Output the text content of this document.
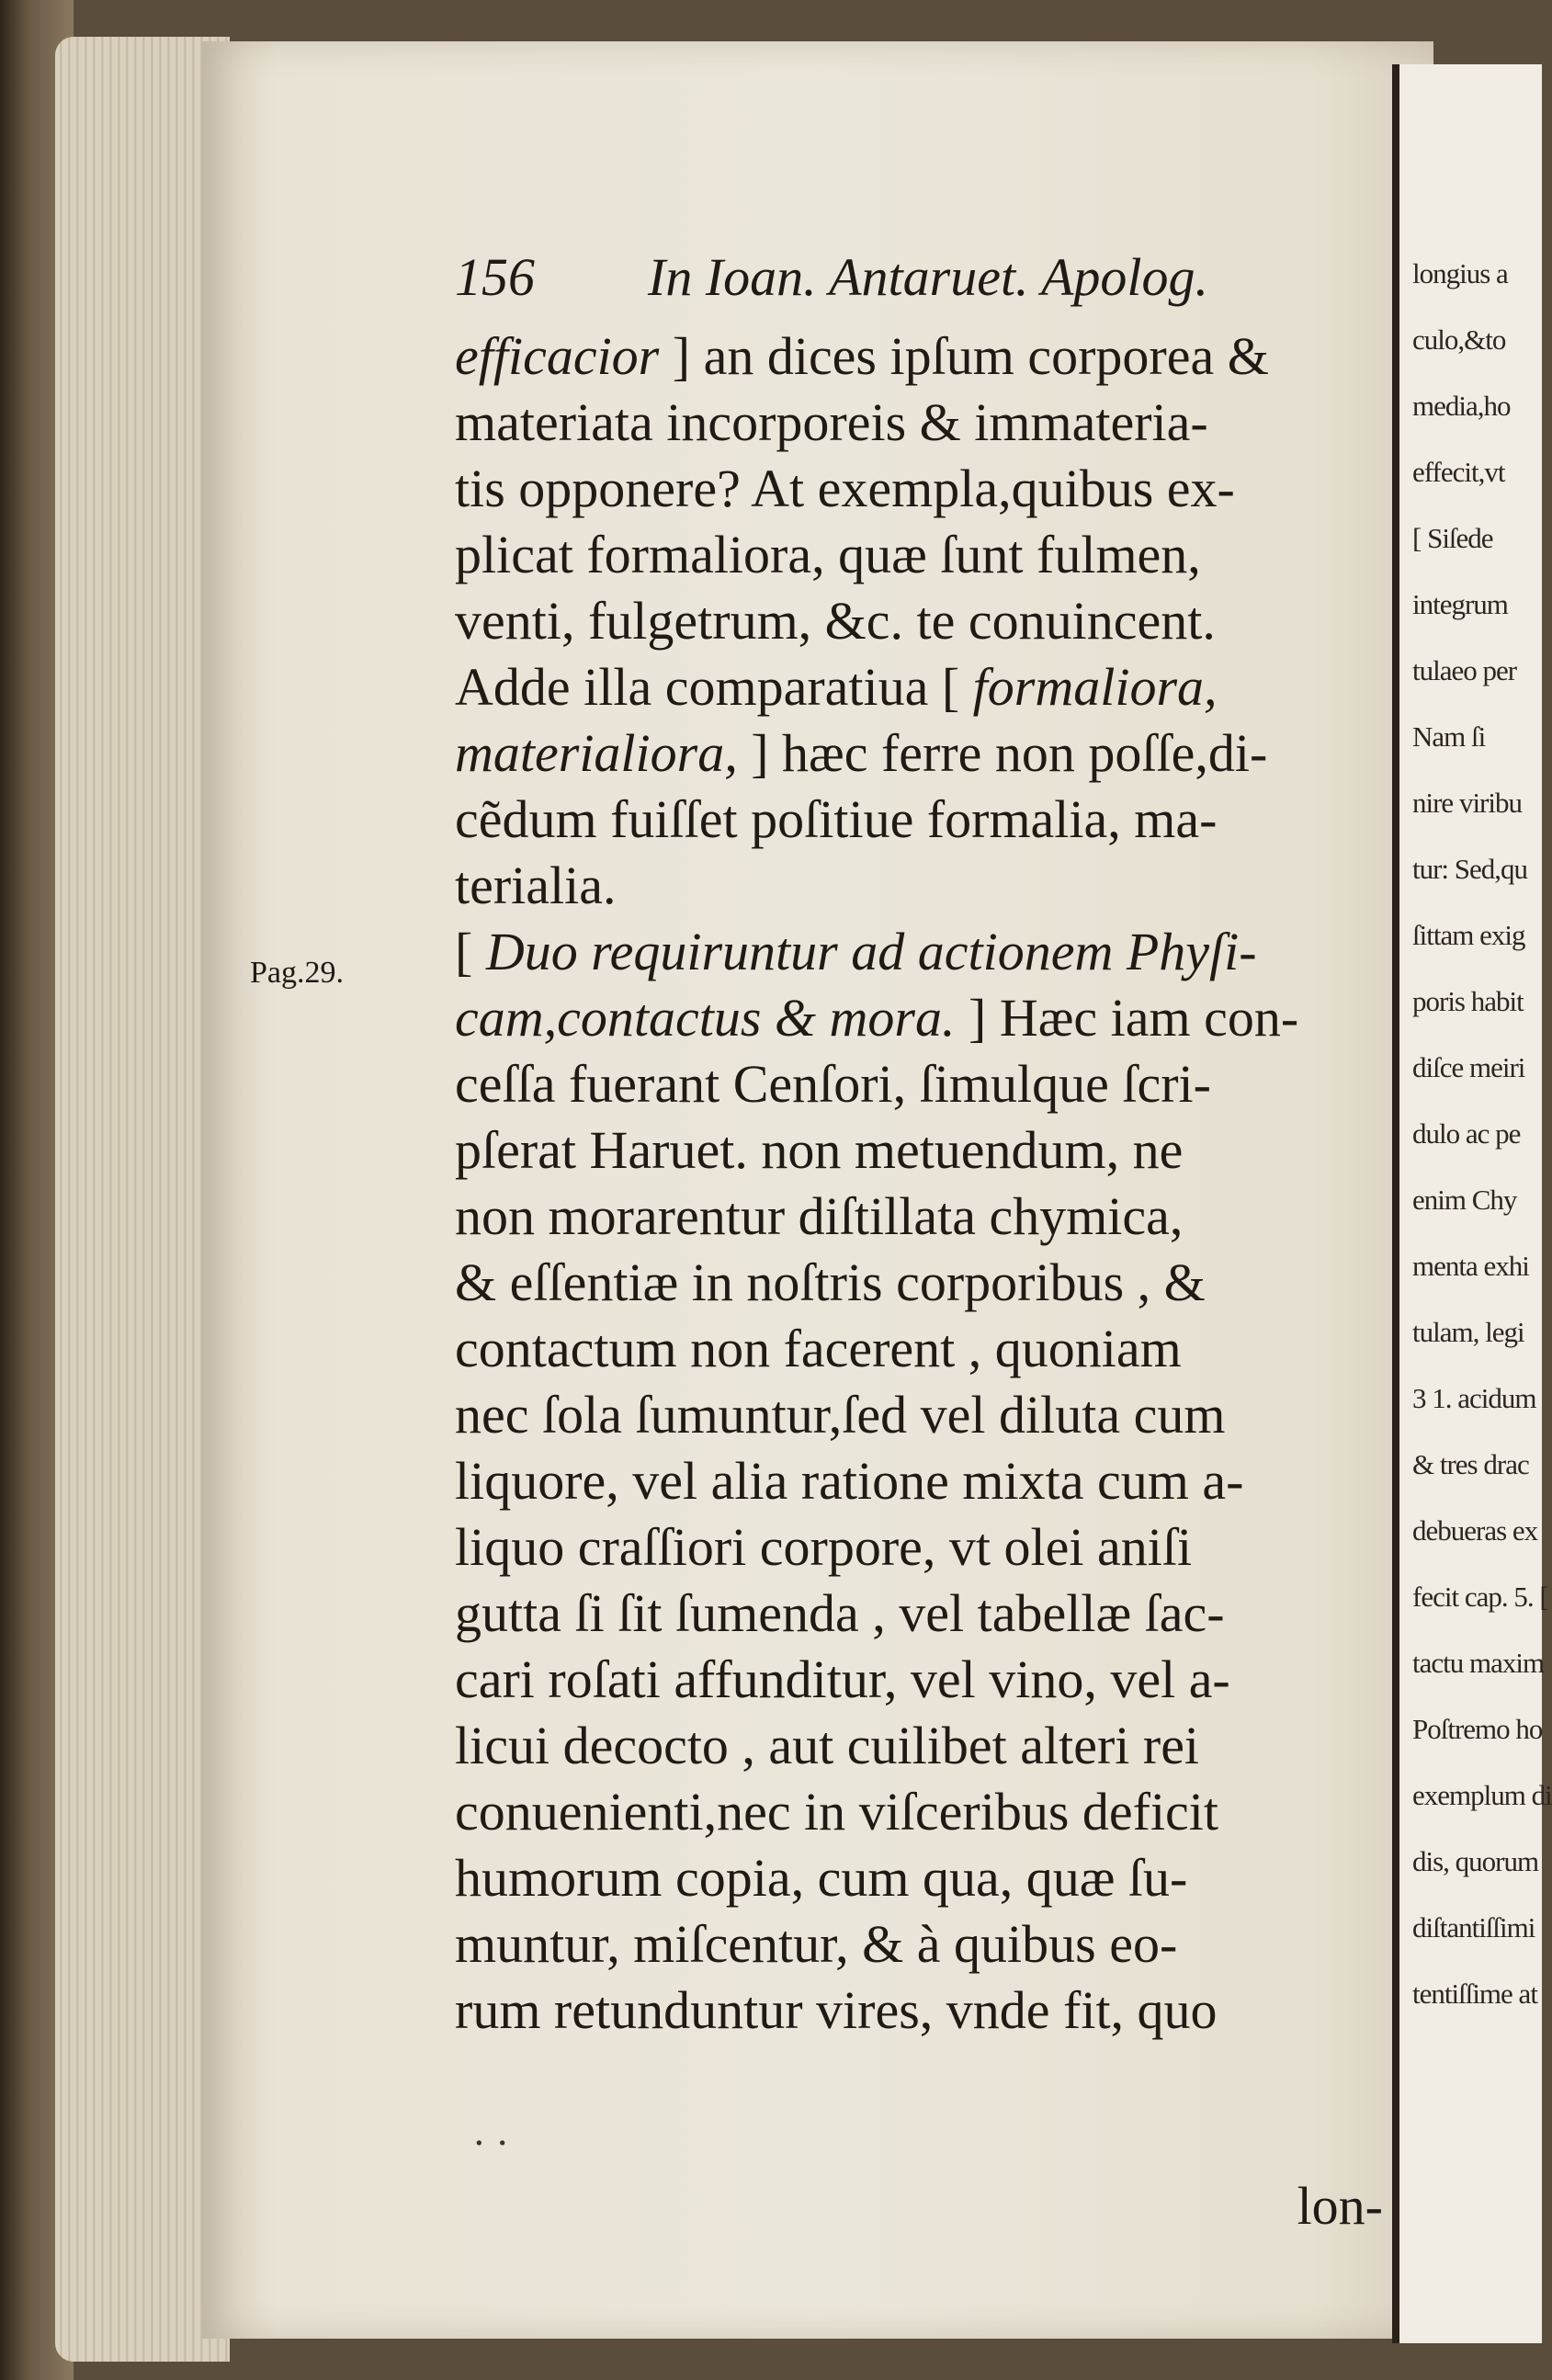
156 In Ioan. Antaruet. Apolog.
Pag.29.
efficacior ] an dices ipſum corporea &
materiata incorporeis & immateria-
tis opponere? At exempla,quibus ex-
plicat formaliora, quæ ſunt fulmen,
venti, fulgetrum, &c. te conuincent.
Adde illa comparatiua [ formaliora,
materialiora, ] hæc ferre non poſſe,di-
cẽdum fuiſſet poſitiue formalia, ma-
terialia.
[ Duo requiruntur ad actionem Phyſi-
cam,contactus & mora. ] Hæc iam con-
ceſſa fuerant Cenſori, ſimulque ſcri-
pſerat Haruet. non metuendum, ne
non morarentur diſtillata chymica,
& eſſentiæ in noſtris corporibus , &
contactum non facerent , quoniam
nec ſola ſumuntur,ſed vel diluta cum
liquore, vel alia ratione mixta cum a-
liquo craſſiori corpore, vt olei aniſi
gutta ſi ſit ſumenda , vel tabellæ ſac-
cari roſati affunditur, vel vino, vel a-
licui decocto , aut cuilibet alteri rei
conuenienti,nec in viſceribus deficit
humorum copia, cum qua, quæ ſu-
muntur, miſcentur, & à quibus eo-
rum retunduntur vires, vnde fit, quo
lon-
· ·
longius a
culo,&to
media,ho
effecit,vt
[ Siſede
integrum
tulaeo per
Nam ſi
nire viribu
tur: Sed,qu
ſittam exig
poris habit
diſce meiri
dulo ac pe
enim Chy
menta exhi
tulam, legi
3 1. acidum
& tres drac
debueras ex
fecit cap. 5. [
tactu maxim
Poſtremo ho
exemplum di
dis, quorum
diſtantiſſimi
tentiſſime at
